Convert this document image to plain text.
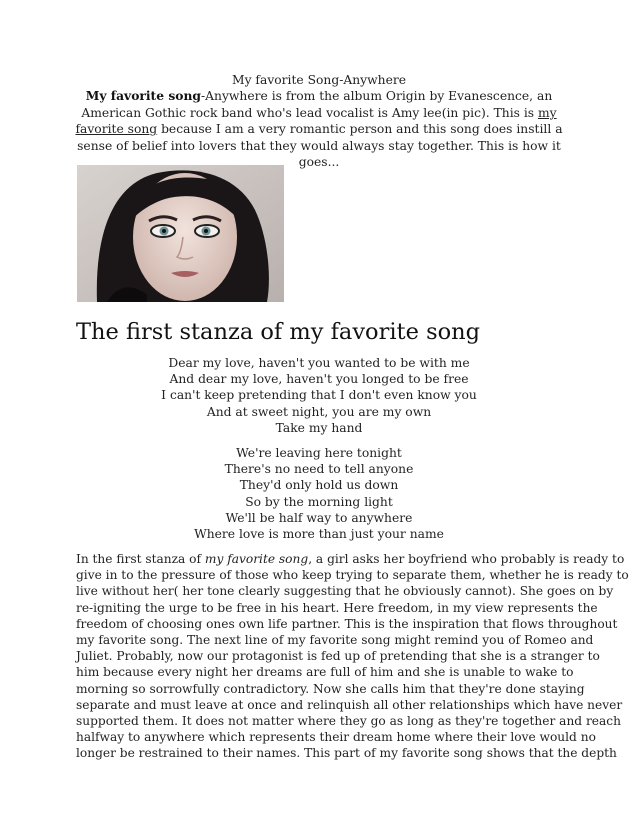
My favorite Song-Anywhere
My favorite song-Anywhere is from the album Origin by Evanescence, an American Gothic rock band who's lead vocalist is Amy lee(in pic). This is my favorite song because I am a very romantic person and this song does instill a sense of belief into lovers that they would always stay together. This is how it goes...
The first stanza of my favorite song
Dear my love, haven't you wanted to be with me
And dear my love, haven't you longed to be free
I can't keep pretending that I don't even know you
And at sweet night, you are my own
Take my hand
We're leaving here tonight
There's no need to tell anyone
They'd only hold us down
So by the morning light
We'll be half way to anywhere
Where love is more than just your name
In the first stanza of my favorite song, a girl asks her boyfriend who probably is ready to
give in to the pressure of those who keep trying to separate them, whether he is ready to
live without her( her tone clearly suggesting that he obviously cannot). She goes on by
re-igniting the urge to be free in his heart. Here freedom, in my view represents the
freedom of choosing ones own life partner. This is the inspiration that flows throughout
my favorite song. The next line of my favorite song might remind you of Romeo and
Juliet. Probably, now our protagonist is fed up of pretending that she is a stranger to
him because every night her dreams are full of him and she is unable to wake to
morning so sorrowfully contradictory. Now she calls him that they're done staying
separate and must leave at once and relinquish all other relationships which have never
supported them. It does not matter where they go as long as they're together and reach
halfway to anywhere which represents their dream home where their love would no
longer be restrained to their names. This part of my favorite song shows that the depth
